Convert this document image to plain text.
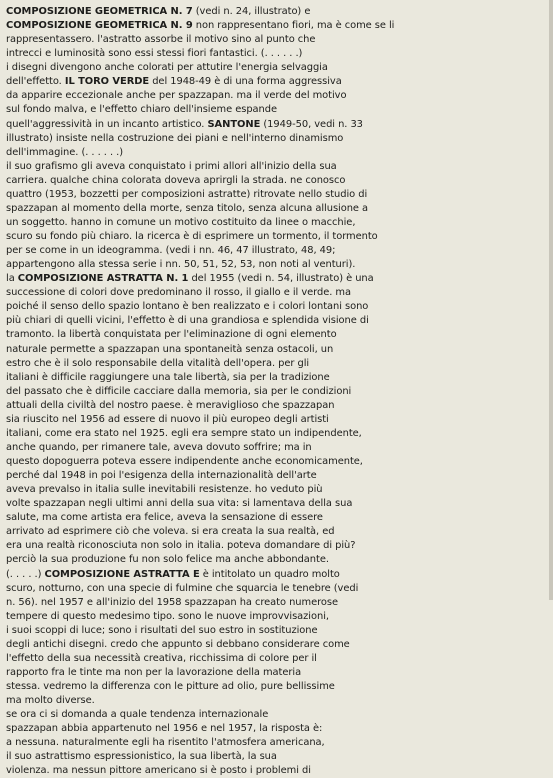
COMPOSIZIONE GEOMETRICA N. 7 (vedi n. 24, illustrato) e
COMPOSIZIONE GEOMETRICA N. 9 non rappresentano fiori, ma è come se li
rappresentassero. l'astratto assorbe il motivo sino al punto che
intrecci e luminosità sono essi stessi fiori fantastici. (. . . . . .)
i disegni divengono anche colorati per attutire l'energia selvaggia
dell'effetto. IL TORO VERDE del 1948-49 è di una forma aggressiva
da apparire eccezionale anche per spazzapan. ma il verde del motivo
sul fondo malva, e l'effetto chiaro dell'insieme espande
quell'aggressività in un incanto artistico. SANTONE (1949-50, vedi n. 33
illustrato) insiste nella costruzione dei piani e nell'interno dinamismo
dell'immagine. (. . . . . .)
il suo grafismo gli aveva conquistato i primi allori all'inizio della sua
carriera. qualche china colorata doveva aprirgli la strada. ne conosco
quattro (1953, bozzetti per composizioni astratte) ritrovate nello studio di
spazzapan al momento della morte, senza titolo, senza alcuna allusione a
un soggetto. hanno in comune un motivo costituito da linee o macchie,
scuro su fondo più chiaro. la ricerca è di esprimere un tormento, il tormento
per se come in un ideogramma. (vedi i nn. 46, 47 illustrato, 48, 49;
appartengono alla stessa serie i nn. 50, 51, 52, 53, non noti al venturi).
la COMPOSIZIONE ASTRATTA N. 1 del 1955 (vedi n. 54, illustrato) è una
successione di colori dove predominano il rosso, il giallo e il verde. ma
poiché il senso dello spazio lontano è ben realizzato e i colori lontani sono
più chiari di quelli vicini, l'effetto è di una grandiosa e splendida visione di
tramonto. la libertà conquistata per l'eliminazione di ogni elemento
naturale permette a spazzapan una spontaneità senza ostacoli, un
estro che è il solo responsabile della vitalità dell'opera. per gli
italiani è difficile raggiungere una tale libertà, sia per la tradizione
del passato che è difficile cacciare dalla memoria, sia per le condizioni
attuali della civiltà del nostro paese. è meraviglioso che spazzapan
sia riuscito nel 1956 ad essere di nuovo il più europeo degli artisti
italiani, come era stato nel 1925. egli era sempre stato un indipendente,
anche quando, per rimanere tale, aveva dovuto soffrire; ma in
questo dopoguerra poteva essere indipendente anche economicamente,
perché dal 1948 in poi l'esigenza della internazionalità dell'arte
aveva prevalso in italia sulle inevitabili resistenze. ho veduto più
volte spazzapan negli ultimi anni della sua vita: si lamentava della sua
salute, ma come artista era felice, aveva la sensazione di essere
arrivato ad esprimere ciò che voleva. si era creata la sua realtà, ed
era una realtà riconosciuta non solo in italia. poteva domandare di più?
perciò la sua produzione fu non solo felice ma anche abbondante.
(. . . . .) COMPOSIZIONE ASTRATTA E è intitolato un quadro molto
scuro, notturno, con una specie di fulmine che squarcia le tenebre (vedi
n. 56). nel 1957 e all'inizio del 1958 spazzapan ha creato numerose
tempere di questo medesimo tipo. sono le nuove improvvisazioni,
i suoi scoppi di luce; sono i risultati del suo estro in sostituzione
degli antichi disegni. credo che appunto si debbano considerare come
l'effetto della sua necessità creativa, ricchissima di colore per il
rapporto fra le tinte ma non per la lavorazione della materia
stessa. vedremo la differenza con le pitture ad olio, pure bellissime
ma molto diverse.
se ora ci si domanda a quale tendenza internazionale
spazzapan abbia appartenuto nel 1956 e nel 1957, la risposta è:
a nessuna. naturalmente egli ha risentito l'atmosfera americana,
il suo astrattismo espressionistico, la sua libertà, la sua
violenza. ma nessun pittore americano si è posto i problemi di
